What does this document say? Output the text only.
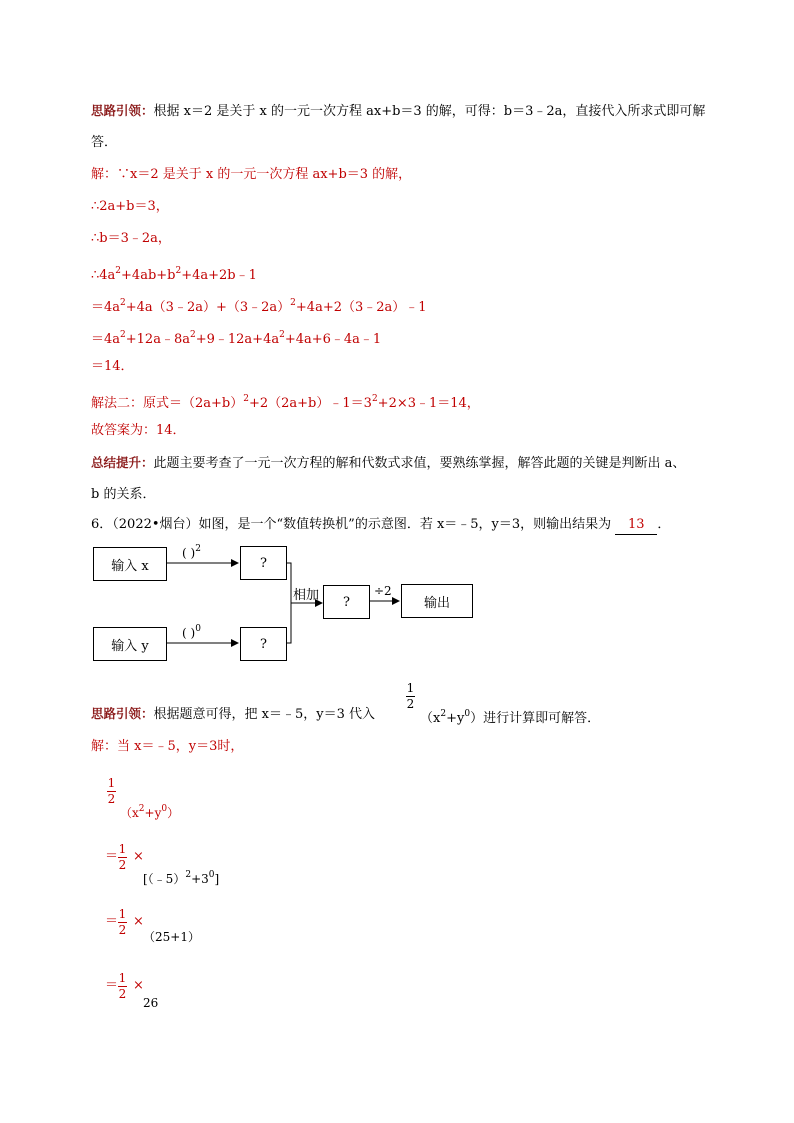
思路引领：根据 x＝2 是关于 x 的一元一次方程 ax+b＝3 的解，可得：b＝3﹣2a，直接代入所求式即可解
答．
解：∵x＝2 是关于 x 的一元一次方程 ax+b＝3 的解，
∴2a+b＝3，
∴b＝3﹣2a，
$\therefore 4a^2+4ab+b^2+4a+2b﹣1$
$=4a^2+4a(3﹣2a)+(3﹣2a)^2+4a+2(3﹣2a)﹣1$
$=4a^2+12a﹣8a^2+9﹣12a+4a^2+4a+6﹣4a﹣1$
＝14．
解法二：原式$=(2a+b)^2+2(2a+b)﹣1=3^2+2\times 3﹣1=14$，
故答案为：14．
总结提升：此题主要考查了一元一次方程的解和代数式求值，要熟练掌握，解答此题的关键是判断出 a、
b 的关系．
6．（2022•烟台）如图，是一个“数值转换机”的示意图．若 x＝﹣5，y＝3，则输出结果为 13 ．
输入 x
输入 y
( )$^2$
( )$^0$
?
?
相加 ?
÷2
输出
思路引领：根据题意可得，把 x＝﹣5，y＝3 代入
1
2
$(x^2+y^0)$进行计算即可解答．
解：当 x＝﹣5，y＝3时，
1
2
$(x^2+y^0)$
＝ 1
2
×
$[(﹣5)^2+3^0]$
＝ 1
2
×
（25+1）
＝ 1
2
×
26
